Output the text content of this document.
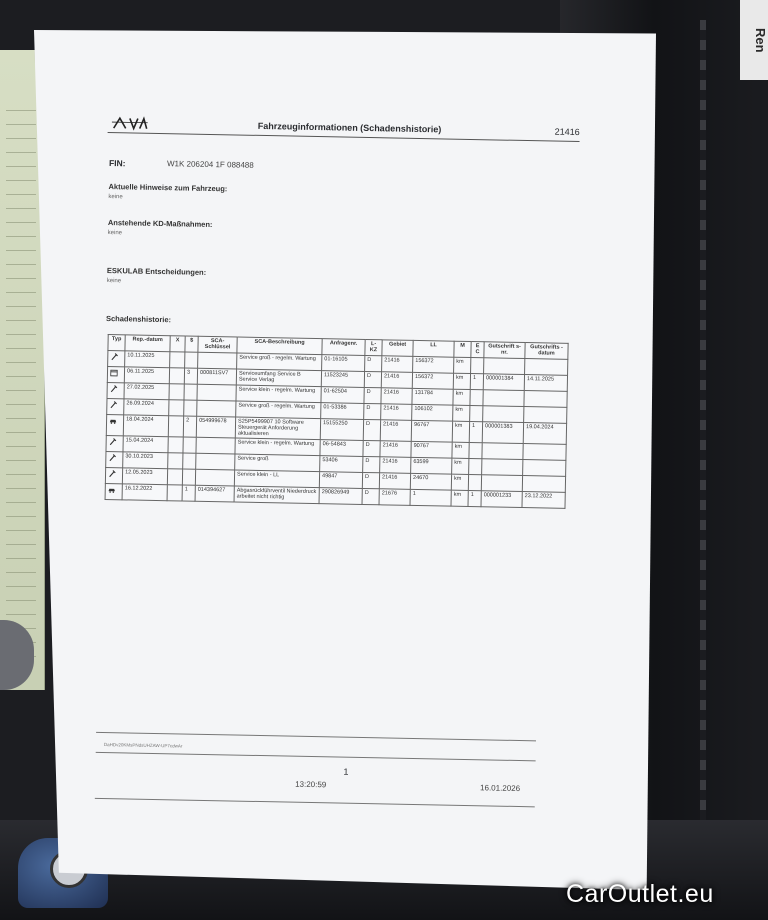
Ren
Fahrzeuginformationen (Schadenshistorie)	21416
FIN:	W1K 206204 1F 088488
Aktuelle Hinweise zum Fahrzeug:
keine
Anstehende KD-Maßnahmen:
keine
ESKULAB Entscheidungen:
keine
Schadenshistorie:
Typ	Rep.-datum	X	$	SCA-Schlüssel	SCA-Beschreibung	Anfragenr.	L-KZ	Gebiet	LL	M	E C	Gutschrift s-nr.	Gutschrifts -datum
	10.11.2025				Service groß - regelm. Wartung	01-16105	D	21416	156372	km			
	06.11.2025		3	000811SV7	Serviceumfang Service B Service Verlag	11523245	D	21416	156372	km	1	000001384	14.11.2025
	27.02.2025				Service klein - regelm. Wartung	01-62504	D	21416	131784	km			
	26.09.2024				Service groß - regelm. Wartung	01-53386	D	21416	106102	km			
	18.04.2024		2	054999678	S25P5499907 10 Software Steuergerät Anforderung aktualisieren	15155250	D	21416	96767	km	1	000001383	19.04.2024
	15.04.2024				Service klein - regelm. Wartung	06-54843	D	21416	90767	km			
	30.10.2023				Service groß	53406	D	21416	63599	km			
	12.05.2023				Service klein - LL	49847	D	21416	24670	km			
	16.12.2022		1	014394627	Abgasrückführventil Niederdruck arbeitet nicht richtig	290826949	D	21676	1	km	1	000001233	23.12.2022
DaHDv20KMsPNdsUHZAW-UP7cdwAr
1
13:20:59	16.01.2026
CarOutlet.eu
